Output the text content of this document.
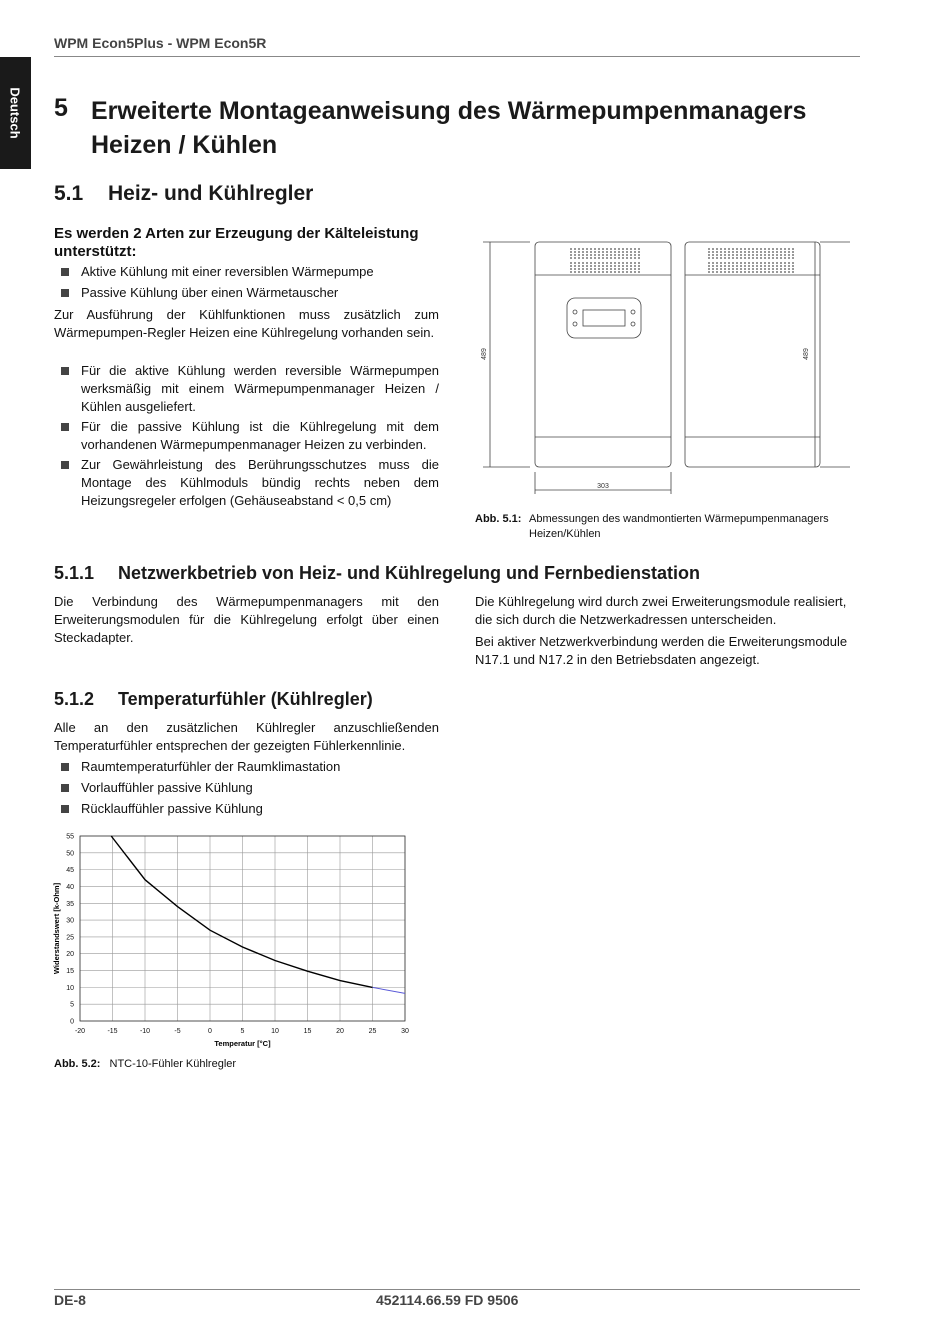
WPM Econ5Plus - WPM Econ5R
Deutsch 5 Erweiterte Montageanweisung des Wärmepumpenmanagers Heizen / Kühlen
5.1 Heiz- und Kühlregler
Es werden 2 Arten zur Erzeugung der Kälteleistung unterstützt:
Aktive Kühlung mit einer reversiblen Wärmepumpe
Passive Kühlung über einen Wärmetauscher
Zur Ausführung der Kühlfunktionen muss zusätzlich zum Wärmepumpen-Regler Heizen eine Kühlregelung vorhanden sein.
Für die aktive Kühlung werden reversible Wärmepumpen werksmäßig mit einem Wärmepumpenmanager Heizen / Kühlen ausgeliefert.
Für die passive Kühlung ist die Kühlregelung mit dem vorhandenen Wärmepumpenmanager Heizen zu verbinden.
Zur Gewährleistung des Berührungsschutzes muss die Montage des Kühlmoduls bündig rechts neben dem Heizungsregeler erfolgen (Gehäuseabstand < 0,5 cm)
489	489
303
Abb. 5.1: Abmessungen des wandmontierten Wärmepumpenmanagers Heizen/Kühlen
5.1.1 Netzwerkbetrieb von Heiz- und Kühlregelung und Fernbedienstation
Die Verbindung des Wärmepumpenmanagers mit den Erweiterungsmodulen für die Kühlregelung erfolgt über einen Steckadapter.
Die Kühlregelung wird durch zwei Erweiterungsmodule realisiert, die sich durch die Netzwerkadressen unterscheiden.
Bei aktiver Netzwerkverbindung werden die Erweiterungsmodule N17.1 und N17.2 in den Betriebsdaten angezeigt.
5.1.2 Temperaturfühler (Kühlregler)
Alle an den zusätzlichen Kühlregler anzuschließenden Temperaturfühler entsprechen der gezeigten Fühlerkennlinie.
Raumtemperaturfühler der Raumklimastation
Vorlauffühler passive Kühlung
Rücklauffühler passive Kühlung
0
5
10
15
20
25
30
35
40
45
50
55
-20	-15	-10	-5	0	5	10	15	20	25	30
Temperatur [°C]
Widerstandswert [k-Ohm]
Abb. 5.2: NTC-10-Fühler Kühlregler
DE-8	452114.66.59 FD 9506
